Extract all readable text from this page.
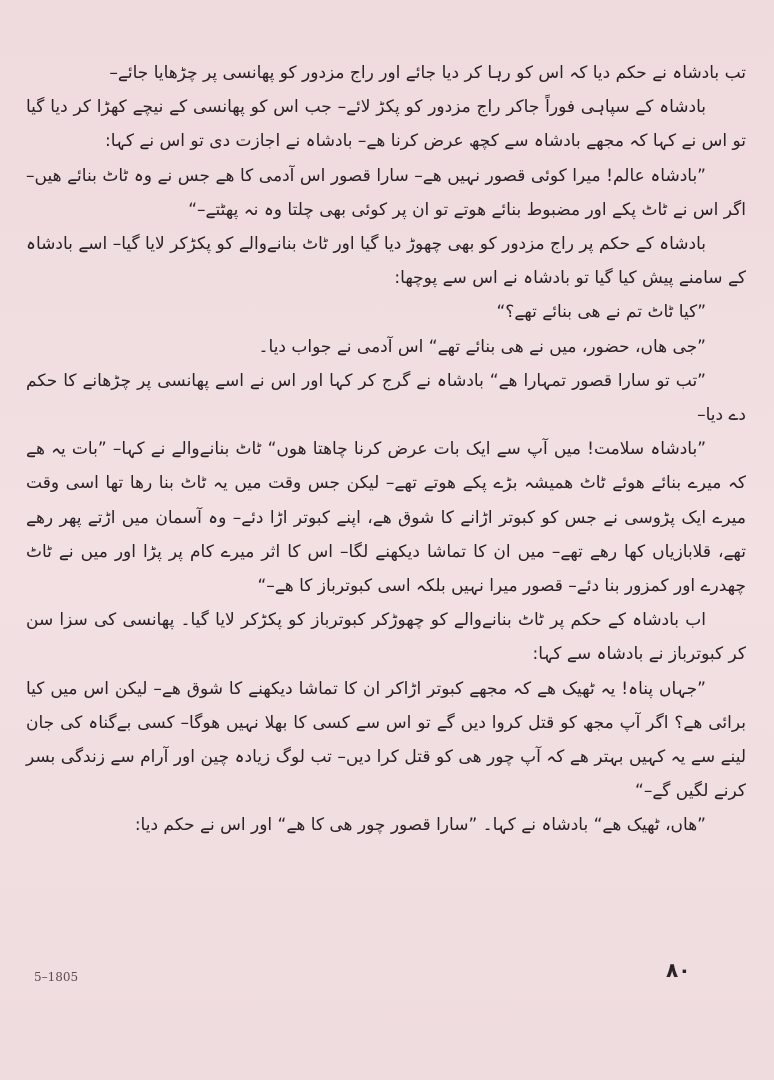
تب بادشاہ نے حکم دیا کہ اس کو رہا کر دیا جائے اور راج مزدور کو پھانسی پر چڑھایا جائے–

بادشاہ کے سپاہی فوراً جاکر راج مزدور کو پکڑ لائے– جب اس کو پھانسی کے نیچے کھڑا کر دیا گیا تو اس نے کہا کہ مجھے بادشاہ سے کچھ عرض کرنا ھے– بادشاہ نے اجازت دی تو اس نے کہا:

”بادشاہ عالم! میرا کوئی قصور نہیں ھے– سارا قصور اس آدمی کا ھے جس نے وہ ٹاٹ بنائے ھیں– اگر اس نے ٹاٹ پکے اور مضبوط بنائے ھوتے تو ان پر کوئی بھی چلتا وہ نہ پھٹتے–“

بادشاہ کے حکم پر راج مزدور کو بھی چھوڑ دیا گیا اور ٹاٹ بنانےوالے کو پکڑکر لایا گیا– اسے بادشاہ کے سامنے پیش کیا گیا تو بادشاہ نے اس سے پوچھا:

”کیا ٹاٹ تم نے ھی بنائے تھے؟“

”جی ھاں، حضور، میں نے ھی بنائے تھے“ اس آدمی نے جواب دیا۔

”تب تو سارا قصور تمہارا ھے“ بادشاہ نے گرج کر کہا اور اس نے اسے پھانسی پر چڑھانے کا حکم دے دیا–

”بادشاہ سلامت! میں آپ سے ایک بات عرض کرنا چاھتا ھوں“ ٹاٹ بنانےوالے نے کہا– ”بات یہ ھے کہ میرے بنائے ھوئے ٹاٹ ھمیشہ بڑے پکے ھوتے تھے– لیکن جس وقت میں یہ ٹاٹ بنا رھا تھا اسی وقت میرے ایک پڑوسی نے جس کو کبوتر اڑانے کا شوق ھے، اپنے کبوتر اڑا دئے– وہ آسمان میں اڑتے پھر رھے تھے، قلابازیاں کھا رھے تھے– میں ان کا تماشا دیکھنے لگا– اس کا اثر میرے کام پر پڑا اور میں نے ٹاٹ چھدرے اور کمزور بنا دئے– قصور میرا نہیں بلکہ اسی کبوترباز کا ھے–“

اب بادشاہ کے حکم پر ٹاٹ بنانےوالے کو چھوڑکر کبوترباز کو پکڑکر لایا گیا۔ پھانسی کی سزا سن کر کبوترباز نے بادشاہ سے کہا:

”جہاں پناہ! یہ ٹھیک ھے کہ مجھے کبوتر اڑاکر ان کا تماشا دیکھنے کا شوق ھے– لیکن اس میں کیا برائی ھے؟ اگر آپ مجھ کو قتل کروا دیں گے تو اس سے کسی کا بھلا نہیں ھوگا– کسی بےگناہ کی جان لینے سے یہ کہیں بہتر ھے کہ آپ چور ھی کو قتل کرا دیں– تب لوگ زیادہ چین اور آرام سے زندگی بسر کرنے لگیں گے–“

”ھاں، ٹھیک ھے“ بادشاہ نے کہا۔ ”سارا قصور چور ھی کا ھے“ اور اس نے حکم دیا:

5–1805	۸۰
